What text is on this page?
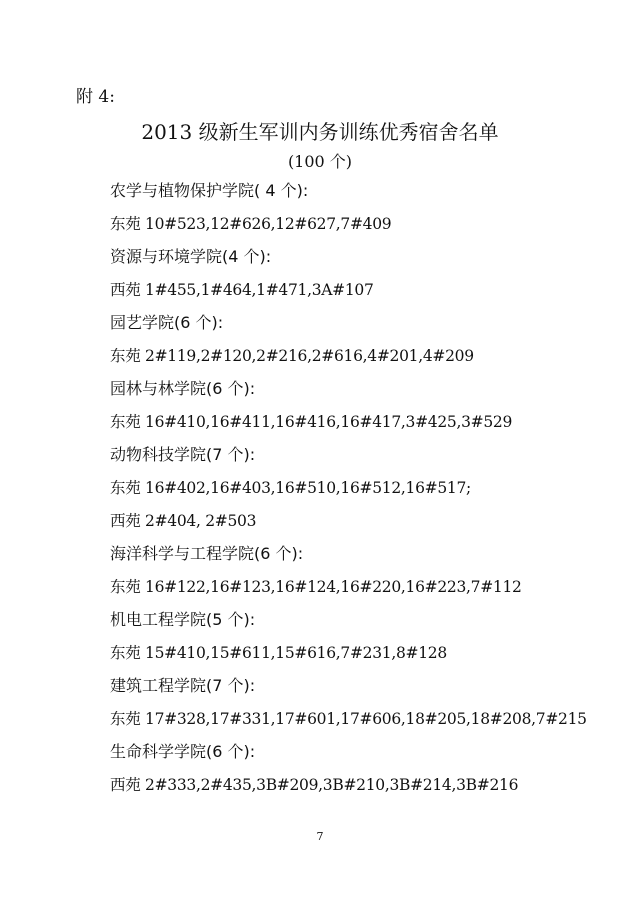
附 4:
2013 级新生军训内务训练优秀宿舍名单
(100 个)
农学与植物保护学院( 4 个):
东苑 10#523,12#626,12#627,7#409
资源与环境学院(4 个):
西苑 1#455,1#464,1#471,3A#107
园艺学院(6 个):
东苑 2#119,2#120,2#216,2#616,4#201,4#209
园林与林学院(6 个):
东苑 16#410,16#411,16#416,16#417,3#425,3#529
动物科技学院(7 个):
东苑 16#402,16#403,16#510,16#512,16#517;
西苑 2#404, 2#503
海洋科学与工程学院(6 个):
东苑 16#122,16#123,16#124,16#220,16#223,7#112
机电工程学院(5 个):
东苑 15#410,15#611,15#616,7#231,8#128
建筑工程学院(7 个):
东苑 17#328,17#331,17#601,17#606,18#205,18#208,7#215
生命科学学院(6 个):
西苑 2#333,2#435,3B#209,3B#210,3B#214,3B#216
7
